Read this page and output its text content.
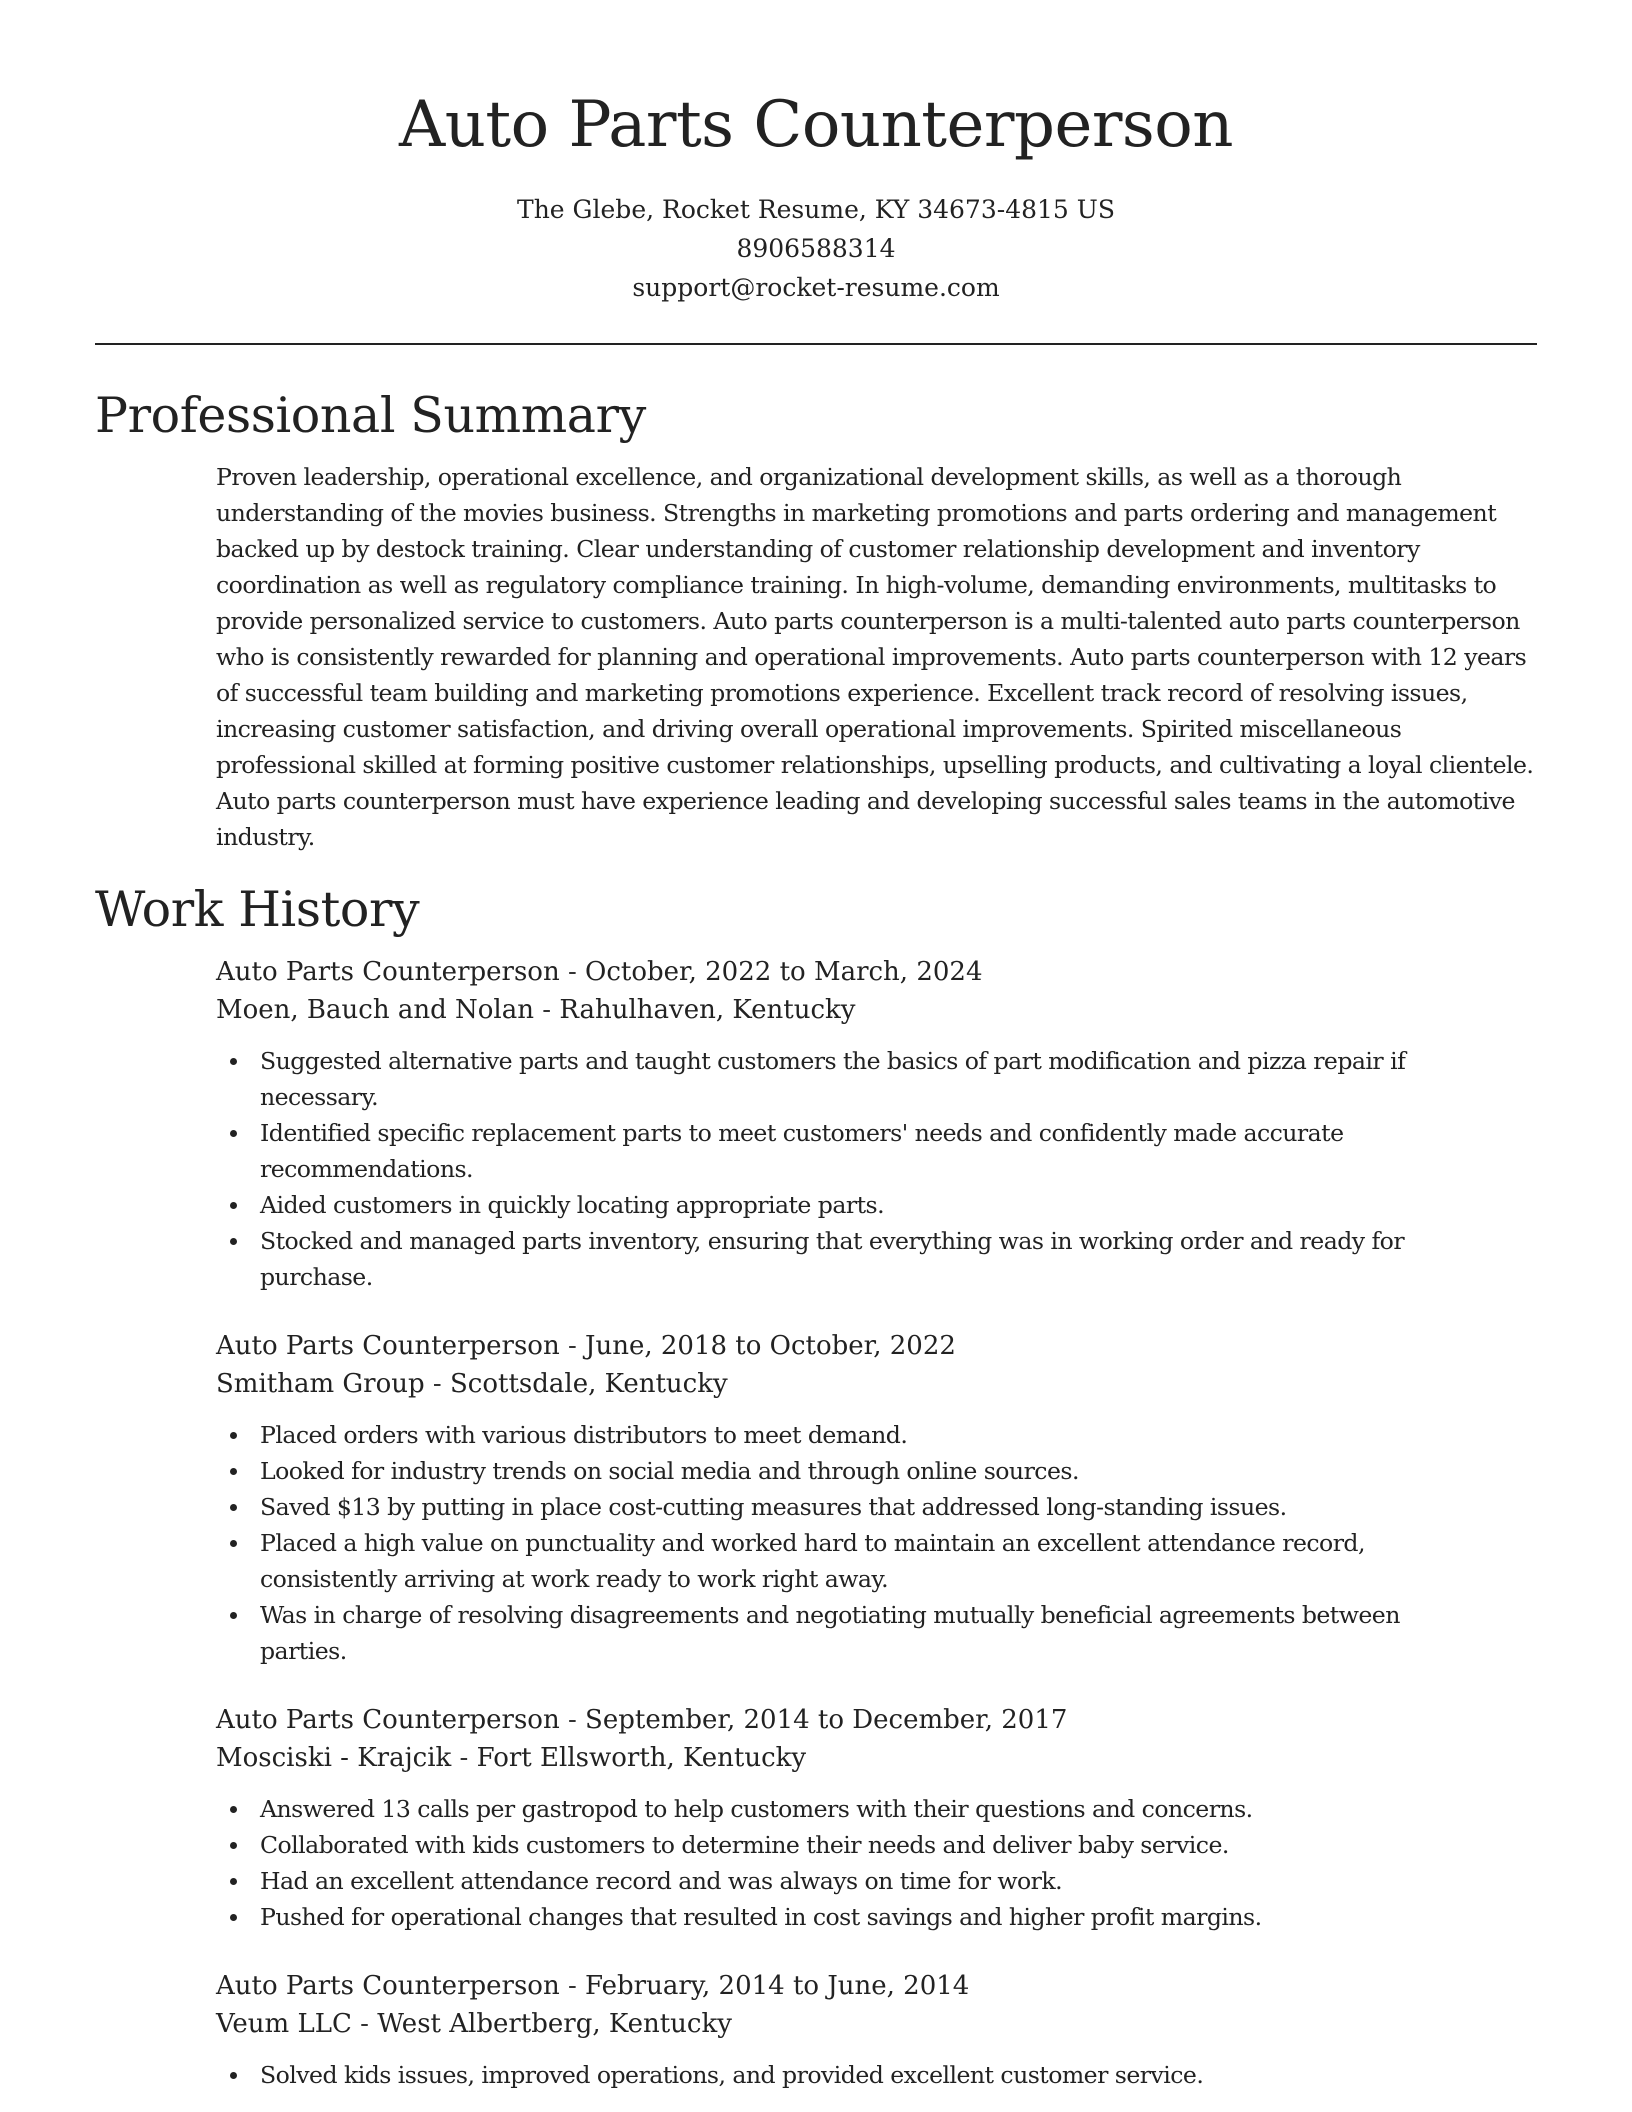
Auto Parts Counterperson

The Glebe, Rocket Resume, KY 34673-4815 US

8906588314

support@rocket-resume.com

Professional Summary

Proven leadership, operational excellence, and organizational development skills, as well as a thorough understanding of the movies business. Strengths in marketing promotions and parts ordering and management backed up by destock training. Clear understanding of customer relationship development and inventory coordination as well as regulatory compliance training. In high-volume, demanding environments, multitasks to provide personalized service to customers. Auto parts counterperson is a multi-talented auto parts counterperson who is consistently rewarded for planning and operational improvements. Auto parts counterperson with 12 years of successful team building and marketing promotions experience. Excellent track record of resolving issues, increasing customer satisfaction, and driving overall operational improvements. Spirited miscellaneous professional skilled at forming positive customer relationships, upselling products, and cultivating a loyal clientele. Auto parts counterperson must have experience leading and developing successful sales teams in the automotive industry.

Work History

Auto Parts Counterperson - October, 2022 to March, 2024

Moen, Bauch and Nolan - Rahulhaven, Kentucky

Suggested alternative parts and taught customers the basics of part modification and pizza repair if necessary.
Identified specific replacement parts to meet customers' needs and confidently made accurate recommendations.
Aided customers in quickly locating appropriate parts.
Stocked and managed parts inventory, ensuring that everything was in working order and ready for purchase.

Auto Parts Counterperson - June, 2018 to October, 2022

Smitham Group - Scottsdale, Kentucky

Placed orders with various distributors to meet demand.
Looked for industry trends on social media and through online sources.
Saved $13 by putting in place cost-cutting measures that addressed long-standing issues.
Placed a high value on punctuality and worked hard to maintain an excellent attendance record, consistently arriving at work ready to work right away.
Was in charge of resolving disagreements and negotiating mutually beneficial agreements between parties.

Auto Parts Counterperson - September, 2014 to December, 2017

Mosciski - Krajcik - Fort Ellsworth, Kentucky

Answered 13 calls per gastropod to help customers with their questions and concerns.
Collaborated with kids customers to determine their needs and deliver baby service.
Had an excellent attendance record and was always on time for work.
Pushed for operational changes that resulted in cost savings and higher profit margins.

Auto Parts Counterperson - February, 2014 to June, 2014

Veum LLC - West Albertberg, Kentucky

Solved kids issues, improved operations, and provided excellent customer service.
